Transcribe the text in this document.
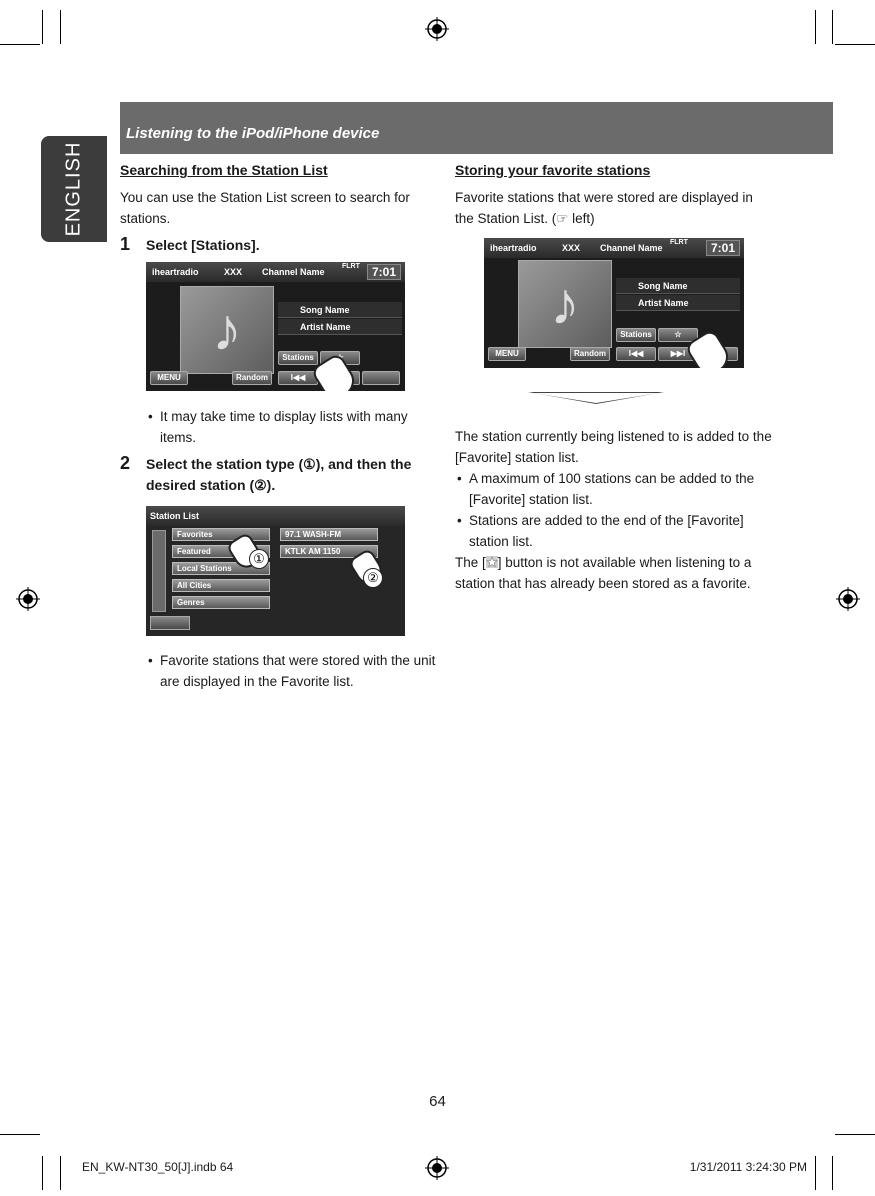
ENGLISH
Listening to the iPod/iPhone device
Searching from the Station List
You can use the Station List screen to search for stations.
1 Select [Stations].
iheartradio	XXX Channel Name
FLRT	7:01
♪	Song Name
Artist Name
Stations
MENU	Random	I◀◀
• It may take time to display lists with many items.
2 Select the station type (①), and then the desired station (②).
Station List
Favorites
Featured
Local Stations
All Cities
Genres
97.1 WASH-FM
KTLK AM 1150
①
②
• Favorite stations that were stored with the unit are displayed in the Favorite list.
Storing your favorite stations
Favorite stations that were stored are displayed in the Station List. (☞ left)
iheartradio	XXX Channel Name
FLRT	7:01
♪	Song Name
Artist Name
Stations	☆
MENU	Random	I◀◀	▶▶I
The station currently being listened to is added to the [Favorite] station list.
• A maximum of 100 stations can be added to the [Favorite] station list.
• Stations are added to the end of the [Favorite] station list.
The [ ] button is not available when listening to a station that has already been stored as a favorite.
64
EN_KW-NT30_50[J].indb 64	1/31/2011 3:24:30 PM
